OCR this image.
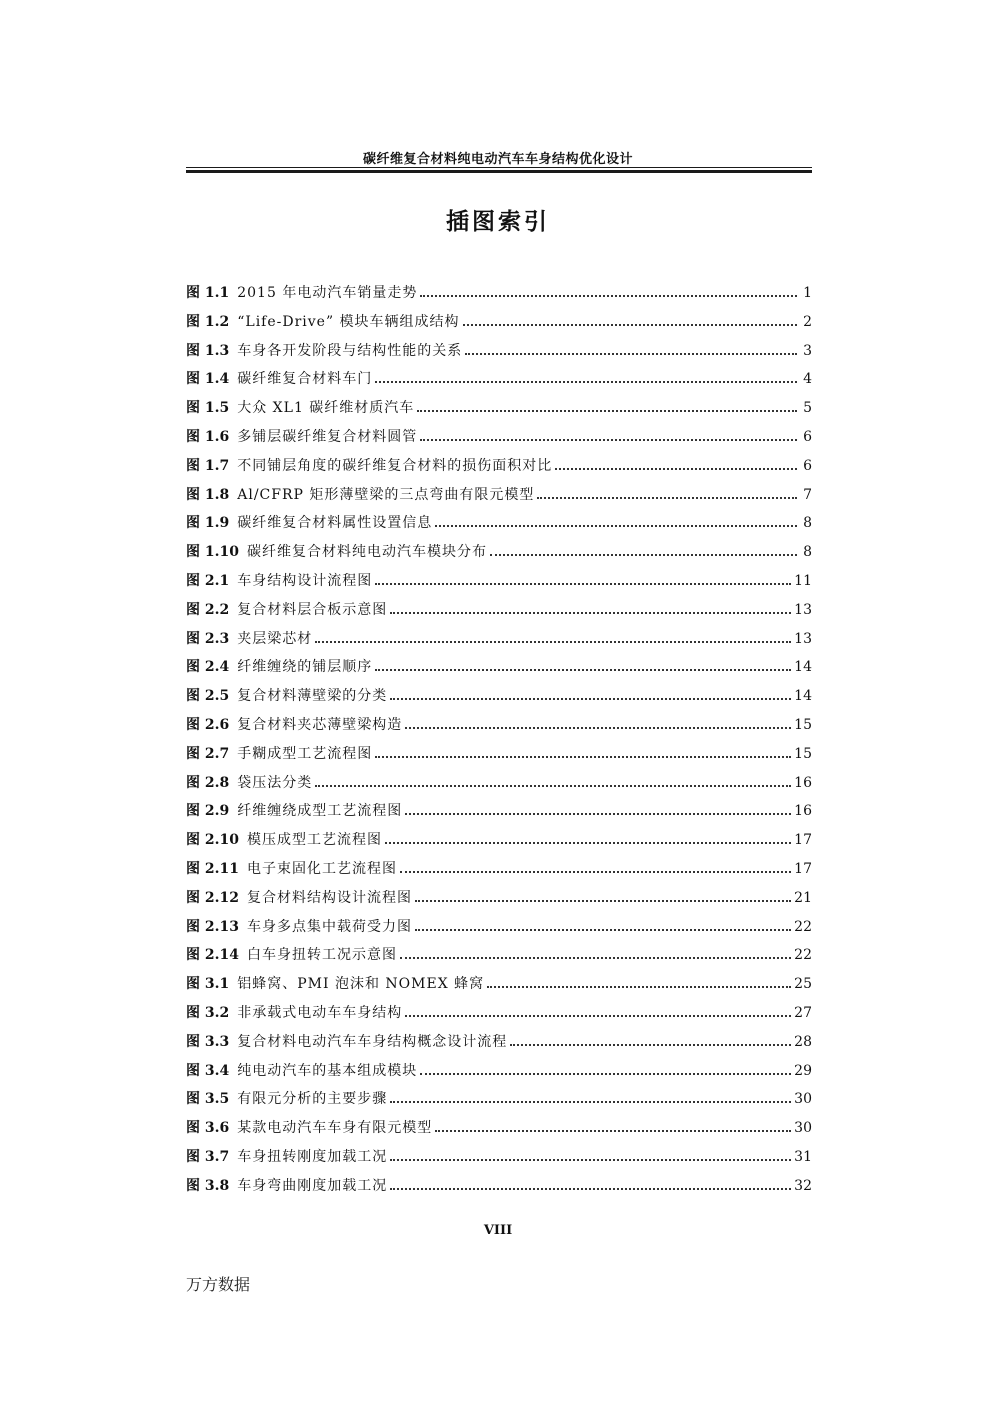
碳纤维复合材料纯电动汽车车身结构优化设计
插图索引
图 1.1 2015 年电动汽车销量走势	1
图 1.2 “Life-Drive” 模块车辆组成结构	2
图 1.3 车身各开发阶段与结构性能的关系	3
图 1.4 碳纤维复合材料车门	4
图 1.5 大众 XL1 碳纤维材质汽车	5
图 1.6 多铺层碳纤维复合材料圆管	6
图 1.7 不同铺层角度的碳纤维复合材料的损伤面积对比	6
图 1.8 Al/CFRP 矩形薄壁梁的三点弯曲有限元模型	7
图 1.9 碳纤维复合材料属性设置信息	8
图 1.10 碳纤维复合材料纯电动汽车模块分布	8
图 2.1 车身结构设计流程图	11
图 2.2 复合材料层合板示意图	13
图 2.3 夹层梁芯材	13
图 2.4 纤维缠绕的铺层顺序	14
图 2.5 复合材料薄壁梁的分类	14
图 2.6 复合材料夹芯薄壁梁构造	15
图 2.7 手糊成型工艺流程图	15
图 2.8 袋压法分类	16
图 2.9 纤维缠绕成型工艺流程图	16
图 2.10 模压成型工艺流程图	17
图 2.11 电子束固化工艺流程图	17
图 2.12 复合材料结构设计流程图	21
图 2.13 车身多点集中载荷受力图	22
图 2.14 白车身扭转工况示意图	22
图 3.1 铝蜂窝、PMI 泡沫和 NOMEX 蜂窝	25
图 3.2 非承载式电动车车身结构	27
图 3.3 复合材料电动汽车车身结构概念设计流程	28
图 3.4 纯电动汽车的基本组成模块	29
图 3.5 有限元分析的主要步骤	30
图 3.6 某款电动汽车车身有限元模型	30
图 3.7 车身扭转刚度加载工况	31
图 3.8 车身弯曲刚度加载工况	32
VIII
万方数据
